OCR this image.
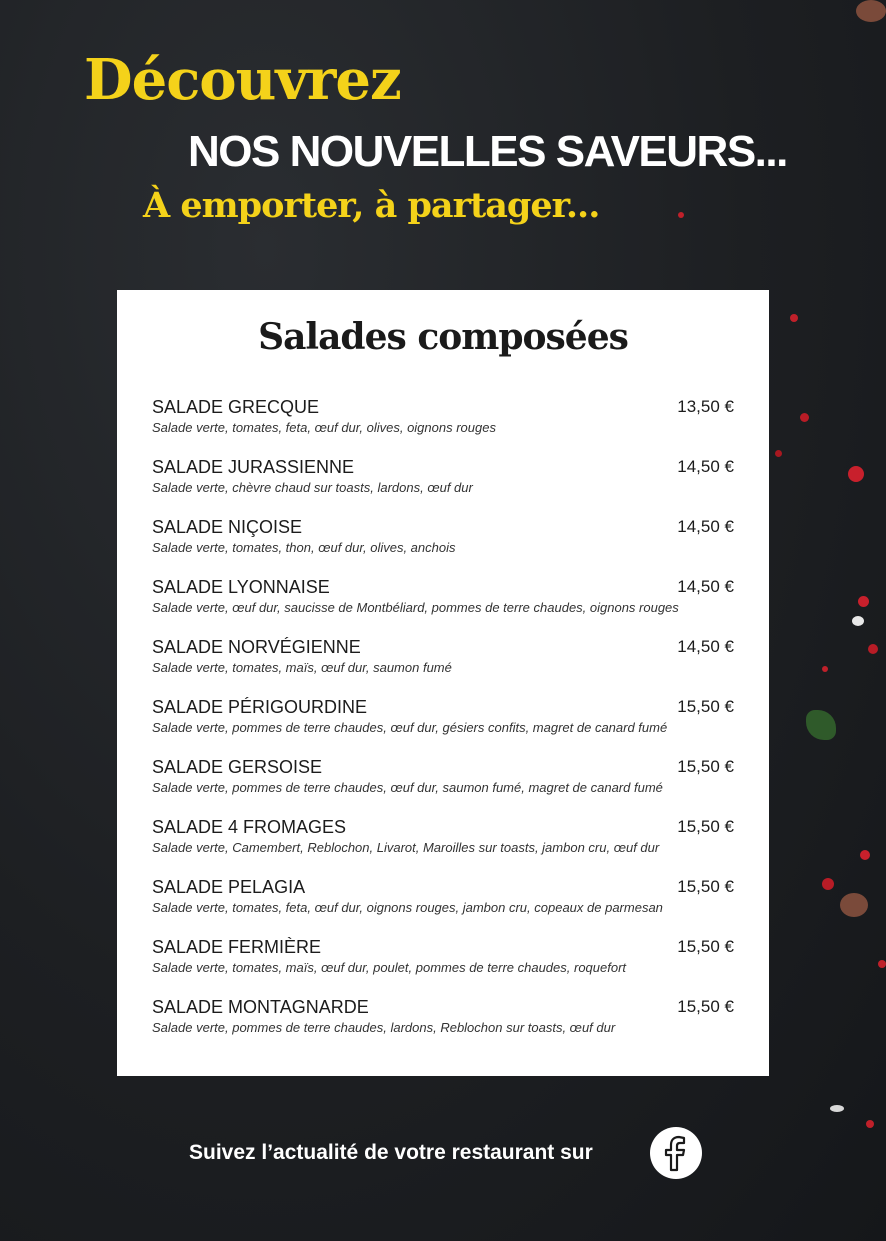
Découvrez
NOS NOUVELLES SAVEURS...
À emporter, à partager...
Salades composées
SALADE GRECQUE	13,50 €
Salade verte, tomates, feta, œuf dur, olives, oignons rouges
SALADE JURASSIENNE	14,50 €
Salade verte, chèvre chaud sur toasts, lardons, œuf dur
SALADE NIÇOISE	14,50 €
Salade verte, tomates, thon, œuf dur, olives, anchois
SALADE LYONNAISE	14,50 €
Salade verte, œuf dur, saucisse de Montbéliard, pommes de terre chaudes, oignons rouges
SALADE NORVÉGIENNE	14,50 €
Salade verte, tomates, maïs, œuf dur, saumon fumé
SALADE PÉRIGOURDINE	15,50 €
Salade verte, pommes de terre chaudes, œuf dur, gésiers confits, magret de canard fumé
SALADE GERSOISE	15,50 €
Salade verte, pommes de terre chaudes, œuf dur, saumon fumé, magret de canard fumé
SALADE 4 FROMAGES	15,50 €
Salade verte, Camembert, Reblochon, Livarot, Maroilles sur toasts, jambon cru, œuf dur
SALADE PELAGIA	15,50 €
Salade verte, tomates, feta, œuf dur, oignons rouges, jambon cru, copeaux de parmesan
SALADE FERMIÈRE	15,50 €
Salade verte, tomates, maïs, œuf dur, poulet, pommes de terre chaudes, roquefort
SALADE MONTAGNARDE	15,50 €
Salade verte, pommes de terre chaudes, lardons, Reblochon sur toasts, œuf dur

Suivez l’actualité de votre restaurant sur
